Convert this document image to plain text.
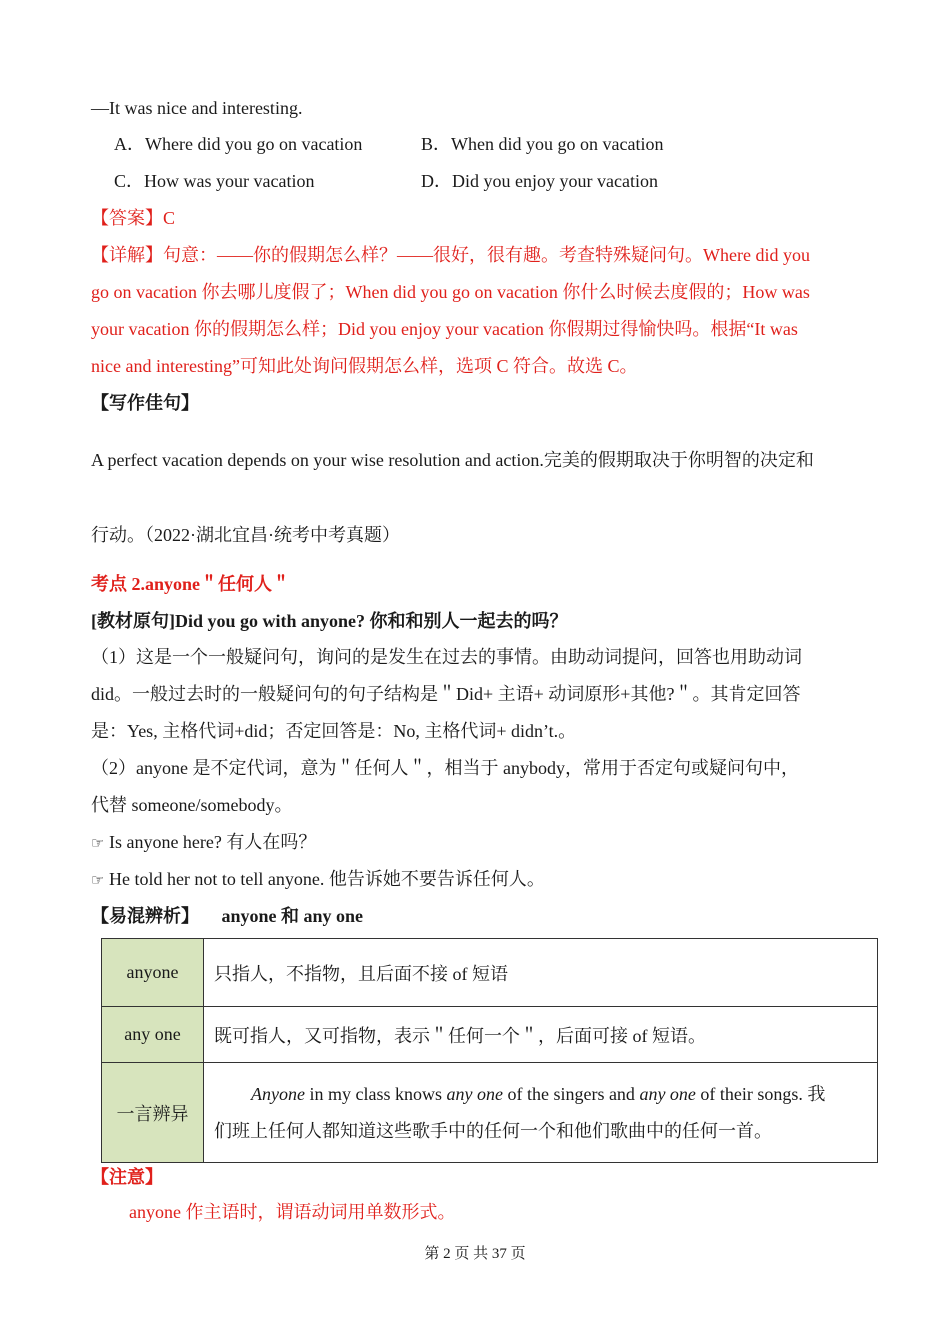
—It was nice and interesting.
A．Where did you go on vacation	B．When did you go on vacation
C．How was your vacation	D．Did you enjoy your vacation
【答案】C
【详解】句意：——你的假期怎么样？——很好，很有趣。考查特殊疑问句。Where did you
go on vacation 你去哪儿度假了；When did you go on vacation 你什么时候去度假的；How was
your vacation 你的假期怎么样；Did you enjoy your vacation 你假期过得愉快吗。根据“It was
nice and interesting”可知此处询问假期怎么样，选项 C 符合。故选 C。
【写作佳句】
A perfect vacation depends on your wise resolution and action.完美的假期取决于你明智的决定和
行动。（2022·湖北宜昌·统考中考真题）
考点 2.anyone＂任何人＂
[教材原句]Did you go with anyone? 你和和别人一起去的吗？
（1）这是一个一般疑问句，询问的是发生在过去的事情。由助动词提问，回答也用助动词
did。一般过去时的一般疑问句的句子结构是＂Did+ 主语+ 动词原形+其他?＂。其肯定回答
是：Yes, 主格代词+did；否定回答是：No, 主格代词+ didn’t.。
（2）anyone 是不定代词，意为＂任何人＂，相当于 anybody，常用于否定句或疑问句中，
代替 someone/somebody。
☞ Is anyone here? 有人在吗？
☞ He told her not to tell anyone. 他告诉她不要告诉任何人。
【易混辨析】 anyone 和 any one
anyone	只指人，不指物，且后面不接 of 短语
any one	既可指人，又可指物，表示＂任何一个＂，后面可接 of 短语。
一言辨异	Anyone in my class knows any one of the singers and any one of their songs. 我
们班上任何人都知道这些歌手中的任何一个和他们歌曲中的任何一首。
【注意】
anyone 作主语时，谓语动词用单数形式。
第 2 页 共 37 页
